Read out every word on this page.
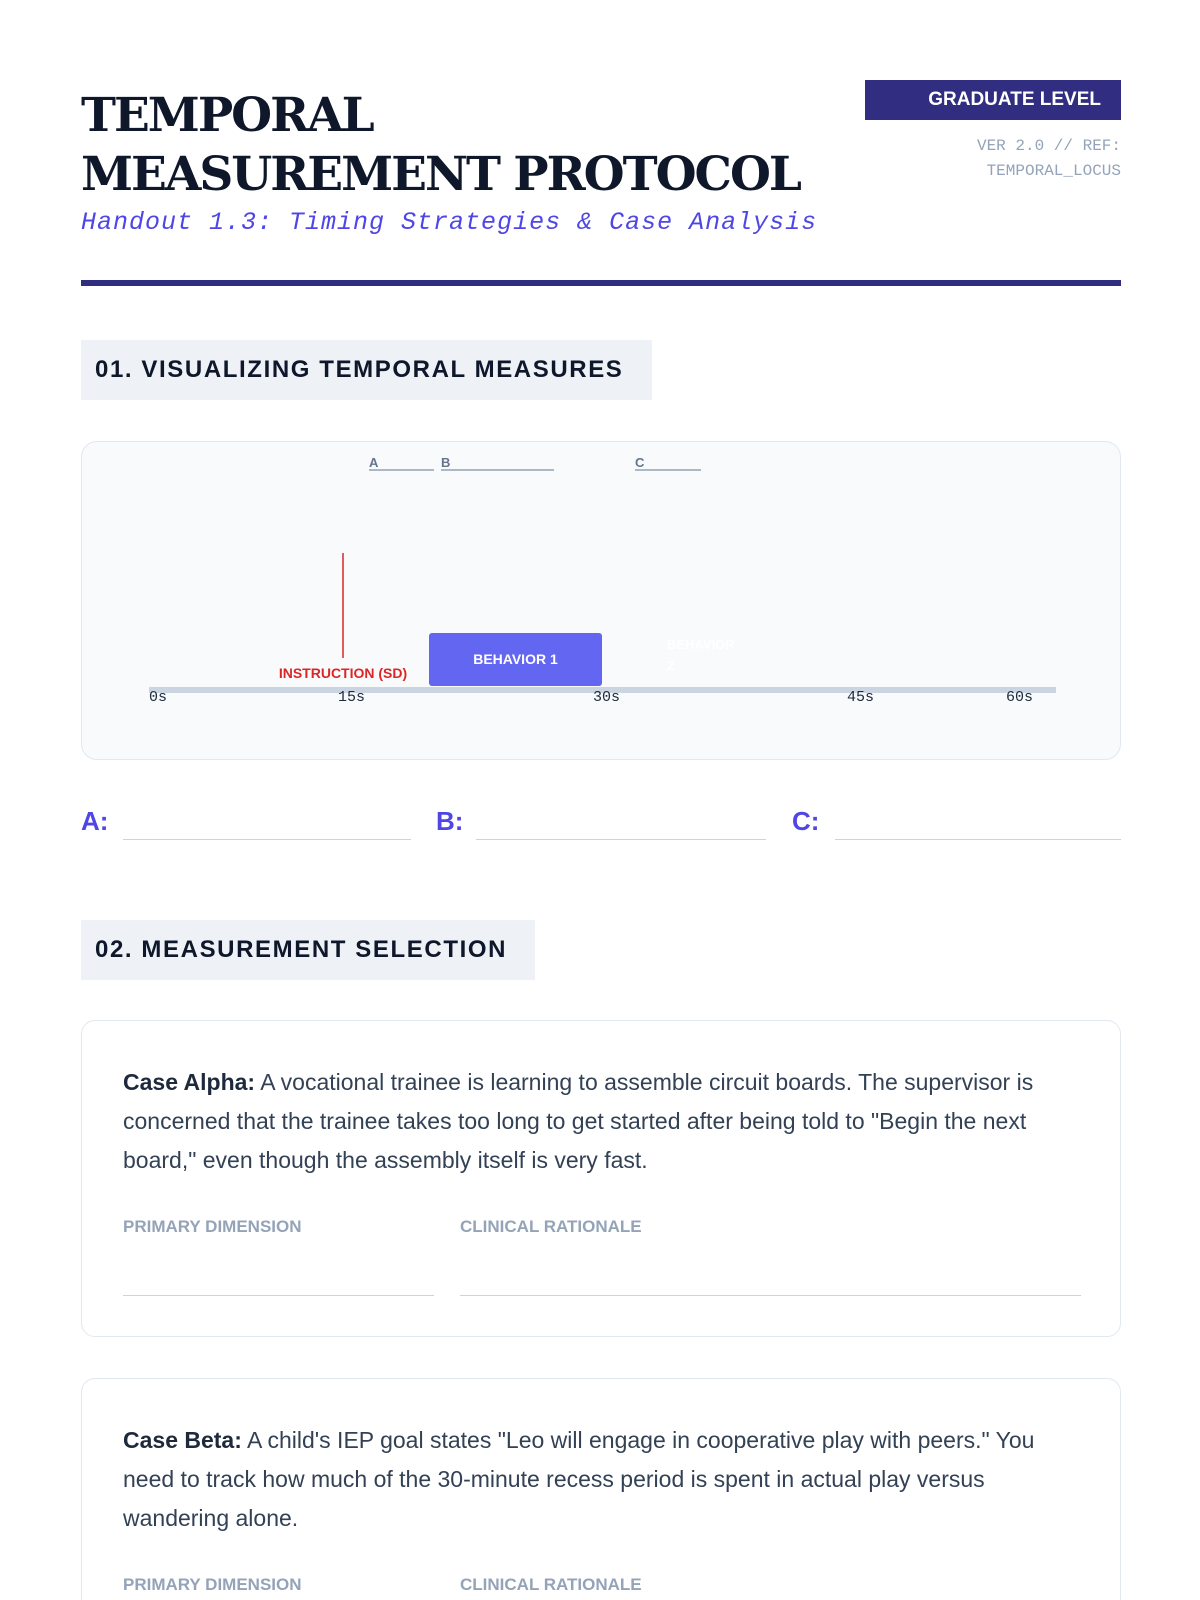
TEMPORAL MEASUREMENT PROTOCOL
Handout 1.3: Timing Strategies & Case Analysis
GRADUATE LEVEL
VER 2.0 // REF:
TEMPORAL_LOCUS
01. VISUALIZING TEMPORAL MEASURES
A	B	C
INSTRUCTION (SD)
BEHAVIOR 1
BEHAVIOR 2
0s	15s	30s	45s	60s
A:	B:	C:
02. MEASUREMENT SELECTION

Case Alpha: A vocational trainee is learning to assemble circuit boards. The supervisor is concerned that the trainee takes too long to get started after being told to "Begin the next board," even though the assembly itself is very fast.

PRIMARY DIMENSION	CLINICAL RATIONALE

Case Beta: A child's IEP goal states "Leo will engage in cooperative play with peers." You need to track how much of the 30-minute recess period is spent in actual play versus wandering alone.

PRIMARY DIMENSION	CLINICAL RATIONALE
